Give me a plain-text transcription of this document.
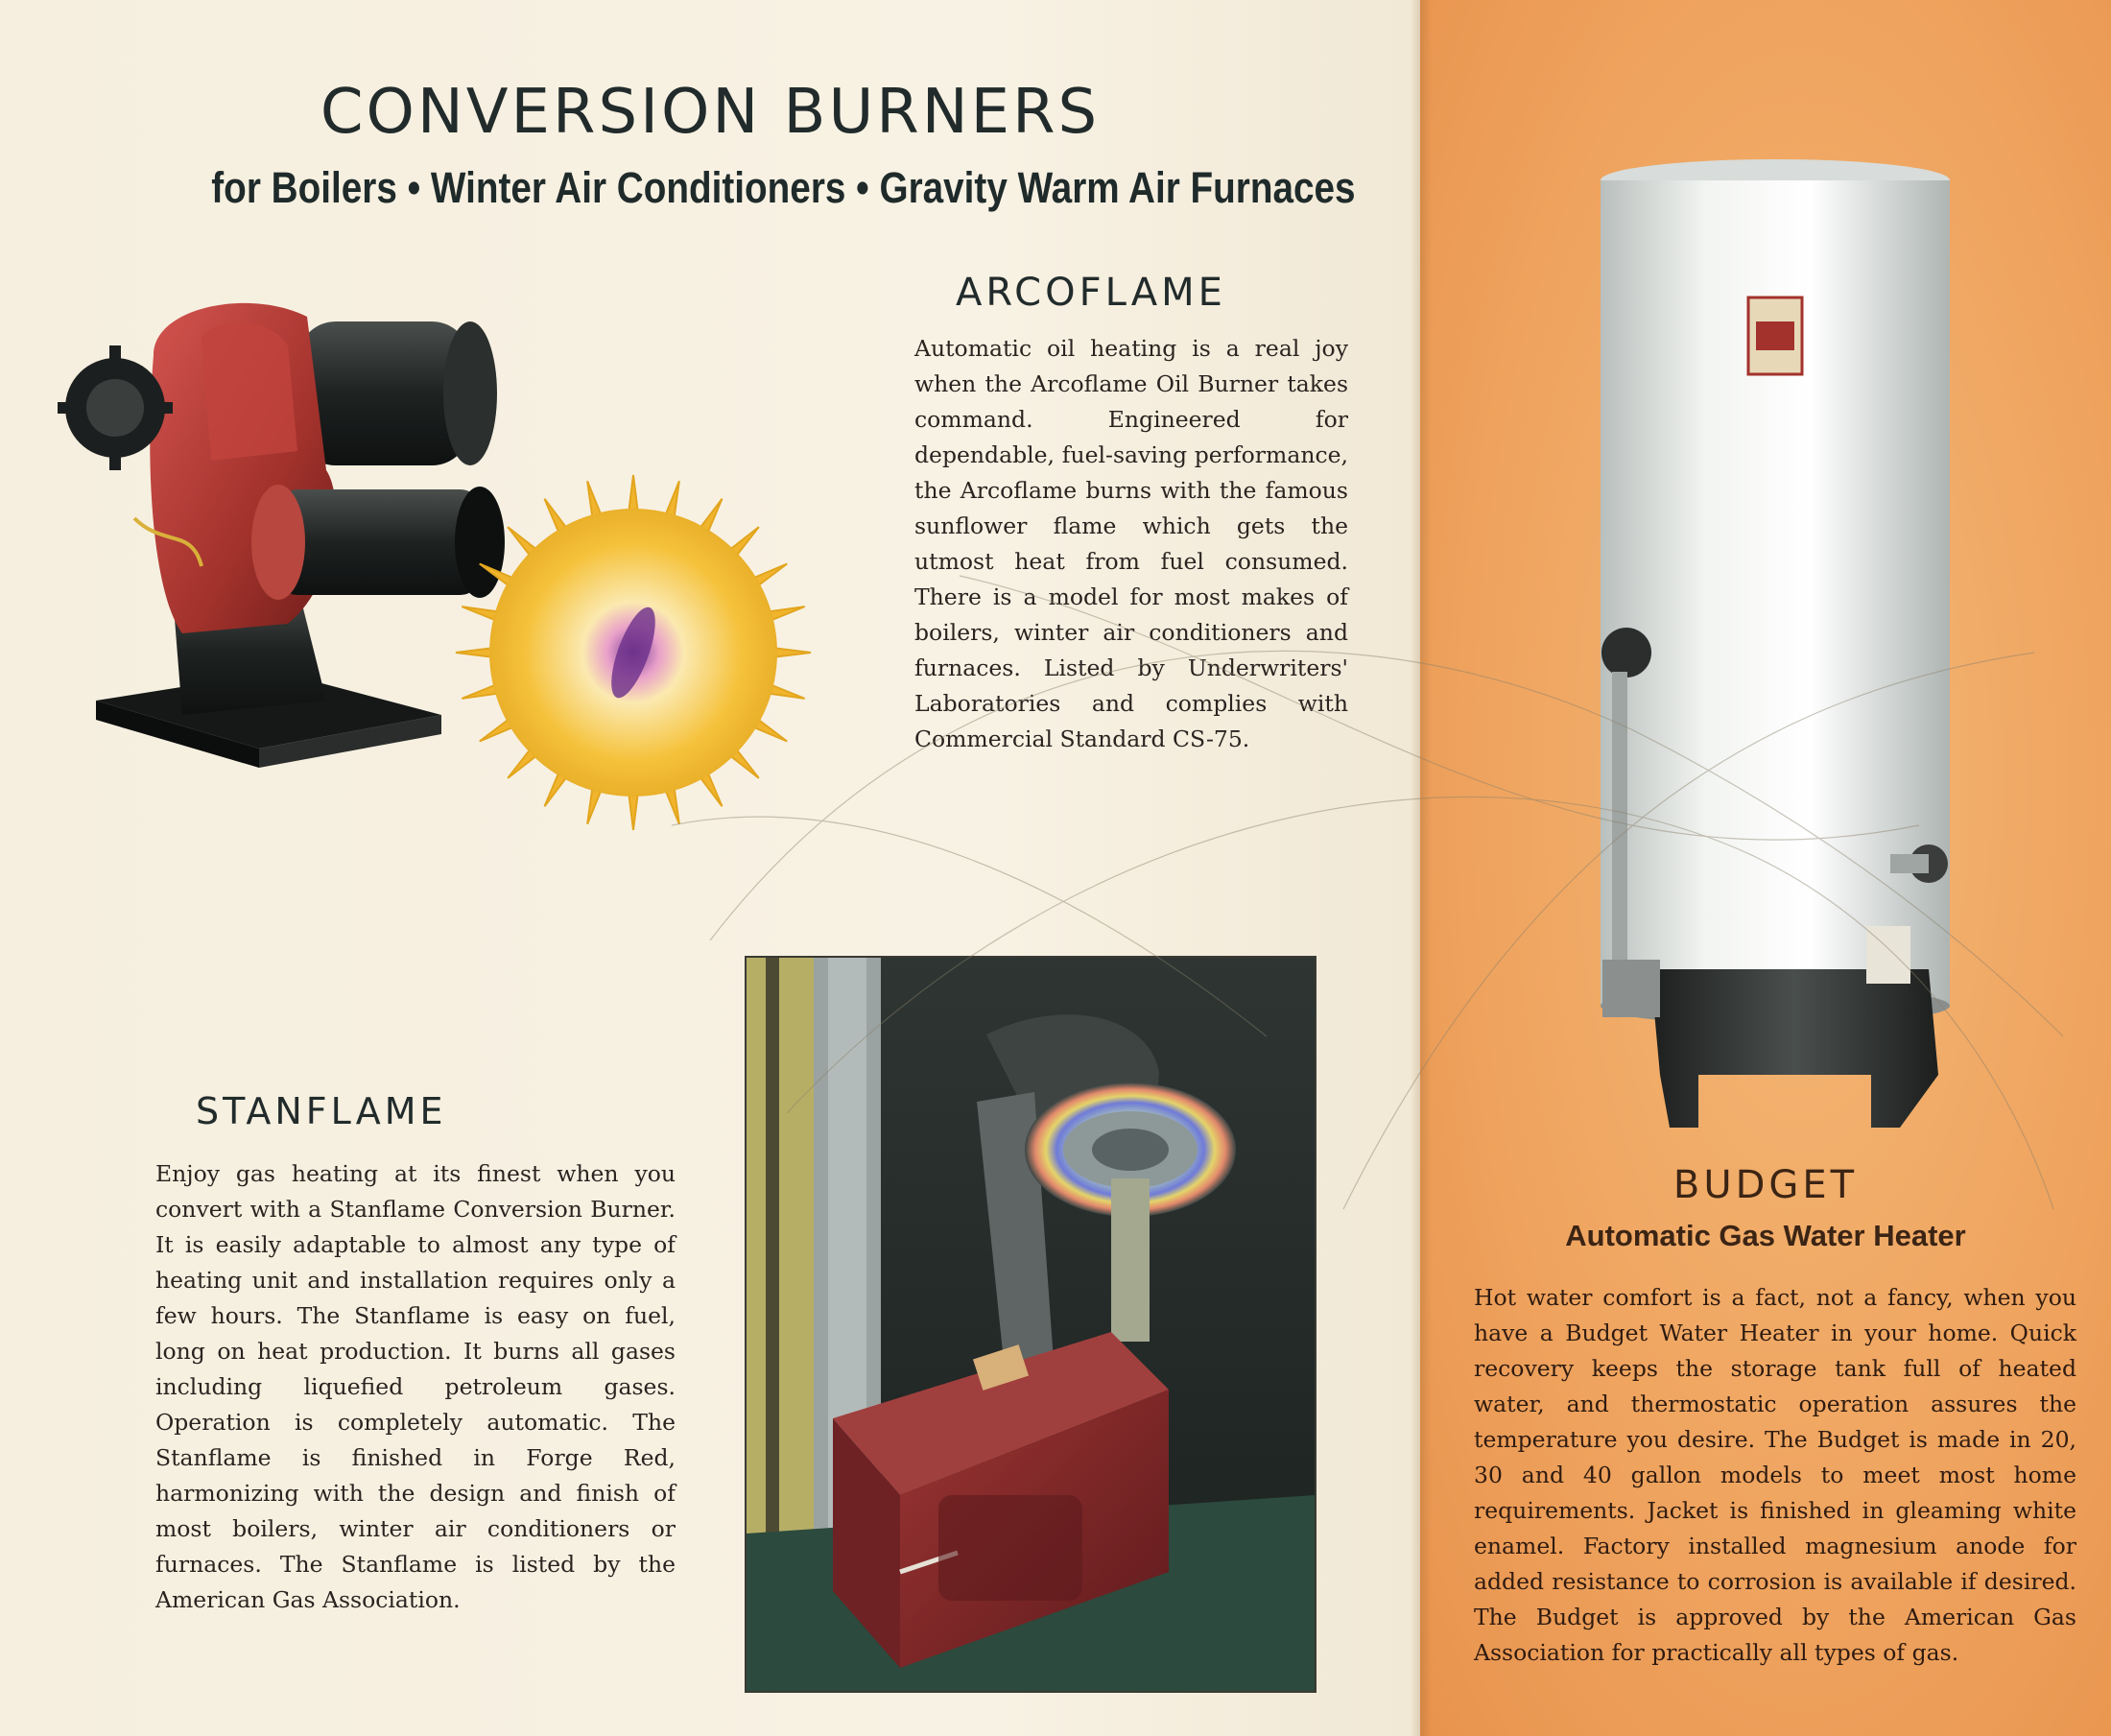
CONVERSION BURNERS
for Boilers • Winter Air Conditioners • Gravity Warm Air Furnaces
ARCOFLAME

Automatic oil heating is a real joy when the Arcoflame Oil Burner takes command. Engineered for dependable, fuel-saving performance, the Arcoflame burns with the famous sunflower flame which gets the utmost heat from fuel consumed. There is a model for most makes of boilers, winter air conditioners and furnaces. Listed by Underwriters' Laboratories and complies with Commercial Standard CS-75.

STANFLAME

Enjoy gas heating at its finest when you convert with a Stanflame Conversion Burner. It is easily adaptable to almost any type of heating unit and installation requires only a few hours. The Stanflame is easy on fuel, long on heat production. It burns all gases including liquefied petroleum gases. Operation is completely automatic. The Stanflame is finished in Forge Red, harmonizing with the design and finish of most boilers, winter air conditioners or furnaces. The Stanflame is listed by the American Gas Association.

BUDGET

Automatic Gas Water Heater

Hot water comfort is a fact, not a fancy, when you have a Budget Water Heater in your home. Quick recovery keeps the storage tank full of heated water, and thermostatic operation assures the temperature you desire. The Budget is made in 20, 30 and 40 gallon models to meet most home requirements. Jacket is finished in gleaming white enamel. Factory installed magnesium anode for added resistance to corrosion is available if desired. The Budget is approved by the American Gas Association for practically all types of gas.
